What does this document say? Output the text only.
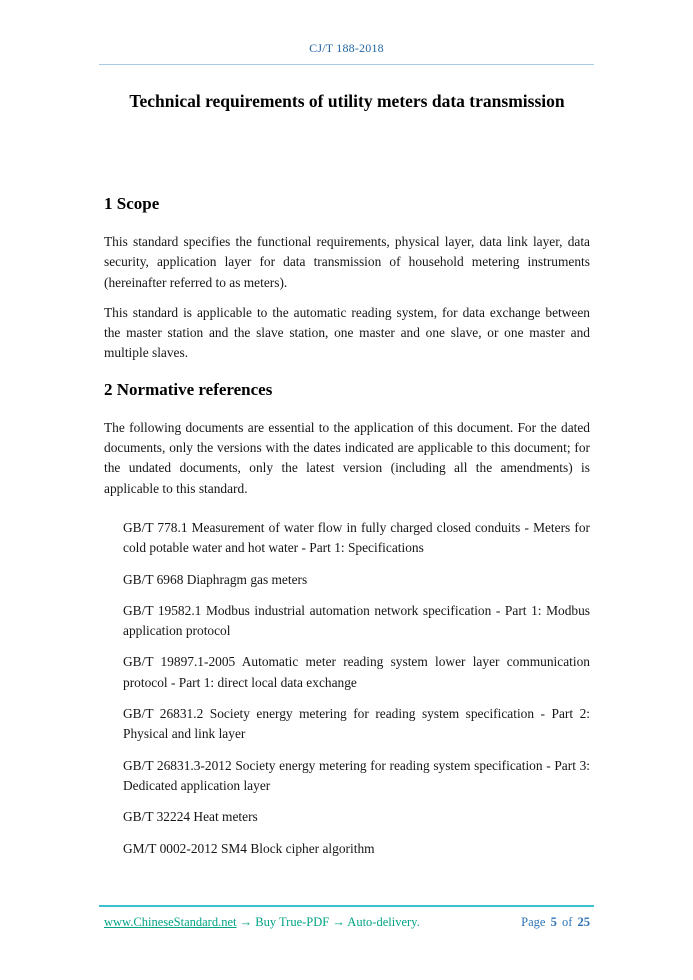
CJ/T 188-2018
Technical requirements of utility meters data transmission
1 Scope

This standard specifies the functional requirements, physical layer, data link layer, data security, application layer for data transmission of household metering instruments (hereinafter referred to as meters).

This standard is applicable to the automatic reading system, for data exchange between the master station and the slave station, one master and one slave, or one master and multiple slaves.

2 Normative references

The following documents are essential to the application of this document. For the dated documents, only the versions with the dates indicated are applicable to this document; for the undated documents, only the latest version (including all the amendments) is applicable to this standard.

GB/T 778.1 Measurement of water flow in fully charged closed conduits - Meters for cold potable water and hot water - Part 1: Specifications

GB/T 6968 Diaphragm gas meters

GB/T 19582.1 Modbus industrial automation network specification - Part 1: Modbus application protocol

GB/T 19897.1-2005 Automatic meter reading system lower layer communication protocol - Part 1: direct local data exchange

GB/T 26831.2 Society energy metering for reading system specification - Part 2: Physical and link layer

GB/T 26831.3-2012 Society energy metering for reading system specification - Part 3: Dedicated application layer

GB/T 32224 Heat meters

GM/T 0002-2012 SM4 Block cipher algorithm

www.ChineseStandard.net → Buy True-PDF → Auto-delivery.	Page 5 of 25
